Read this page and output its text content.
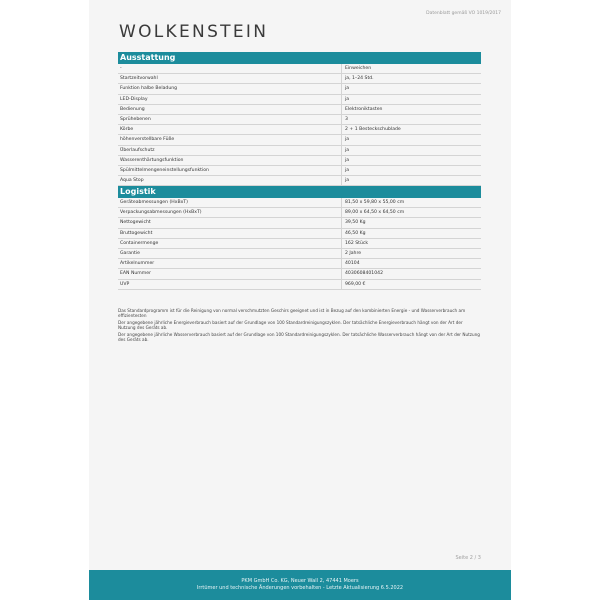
Datenblatt gemäß VO 1019/2017
WOLKENSTEIN
Ausstattung
-	Einweichen
Startzeitvorwahl	ja, 1–24 Std.
Funktion halbe Beladung	ja
LED-Display	ja
Bedienung	Elektroniktasten
Sprühebenen	3
Körbe	2 + 1 Besteckschublade
höhenverstellbare Füße	ja
Überlaufschutz	ja
Wasserenthärtungsfunktion	ja
Spülmittelmengeneinstellungsfunktion	ja
Aqua Stop	ja
Logistik
Geräteabmessungen (HxBxT)	81,50 x 59,80 x 55,00 cm
Verpackungsabmessungen (HxBxT)	89,00 x 64,50 x 64,50 cm
Nettogewicht	39,50 Kg
Bruttogewicht	46,50 Kg
Containermenge	162 Stück
Garantie	2 Jahre
Artikelnummer	40104
EAN Nummer	4030608401042
UVP	969,00 €

Das Standardprogramm ist für die Reinigung von normal verschmutzten Geschirs geeignet und ist in Bezug auf den kombinierten Energie - und Wasserverbrauch am effizientesten

Der angegebene jährliche Energieverbrauch basiert auf der Grundlage von 100 Standardreinigungszyklen. Der tatsächliche Energieverbrauch hängt von der Art der Nutzung des Geräts ab.

Der angegebene jährliche Wasserverbrauch basiert auf der Grundlage von 100 Standardreinigungszyklen. Der tatsächliche Wasserverbrauch hängt von der Art der Nutzung des Geräts ab.

Seite 2 / 3
PKM GmbH Co. KG, Neuer Wall 2, 47441 Moers
Irrtümer und technische Änderungen vorbehalten - Letzte Aktualisierung 6.5.2022
